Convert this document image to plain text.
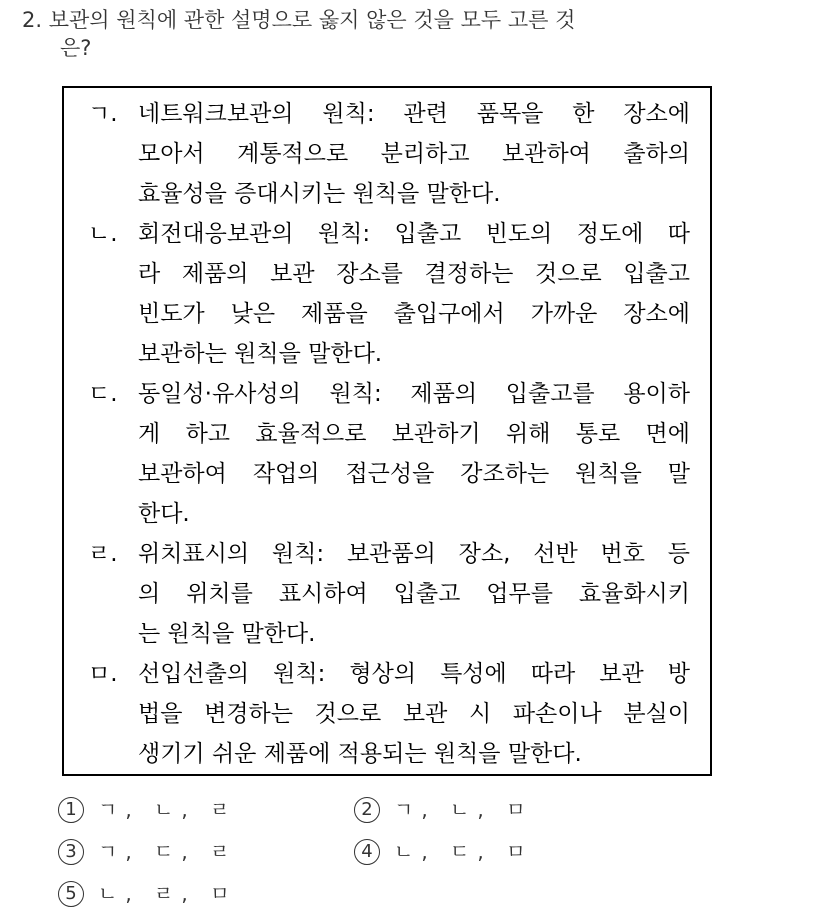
2. 보관의 원칙에 관한 설명으로 옳지 않은 것을 모두 고른 것
은?
ㄱ. 네트워크보관의 원칙: 관련 품목을 한 장소에
모아서 계통적으로 분리하고 보관하여 출하의
효율성을 증대시키는 원칙을 말한다.
ㄴ. 회전대응보관의 원칙: 입출고 빈도의 정도에 따
라 제품의 보관 장소를 결정하는 것으로 입출고
빈도가 낮은 제품을 출입구에서 가까운 장소에
보관하는 원칙을 말한다.
ㄷ. 동일성·유사성의 원칙: 제품의 입출고를 용이하
게 하고 효율적으로 보관하기 위해 통로 면에
보관하여 작업의 접근성을 강조하는 원칙을 말
한다.
ㄹ. 위치표시의 원칙: 보관품의 장소, 선반 번호 등
의 위치를 표시하여 입출고 업무를 효율화시키
는 원칙을 말한다.
ㅁ. 선입선출의 원칙: 형상의 특성에 따라 보관 방
법을 변경하는 것으로 보관 시 파손이나 분실이
생기기 쉬운 제품에 적용되는 원칙을 말한다.
1 ㄱ, ㄴ, ㄹ	2 ㄱ, ㄴ, ㅁ
3 ㄱ, ㄷ, ㄹ	4 ㄴ, ㄷ, ㅁ
5 ㄴ, ㄹ, ㅁ
